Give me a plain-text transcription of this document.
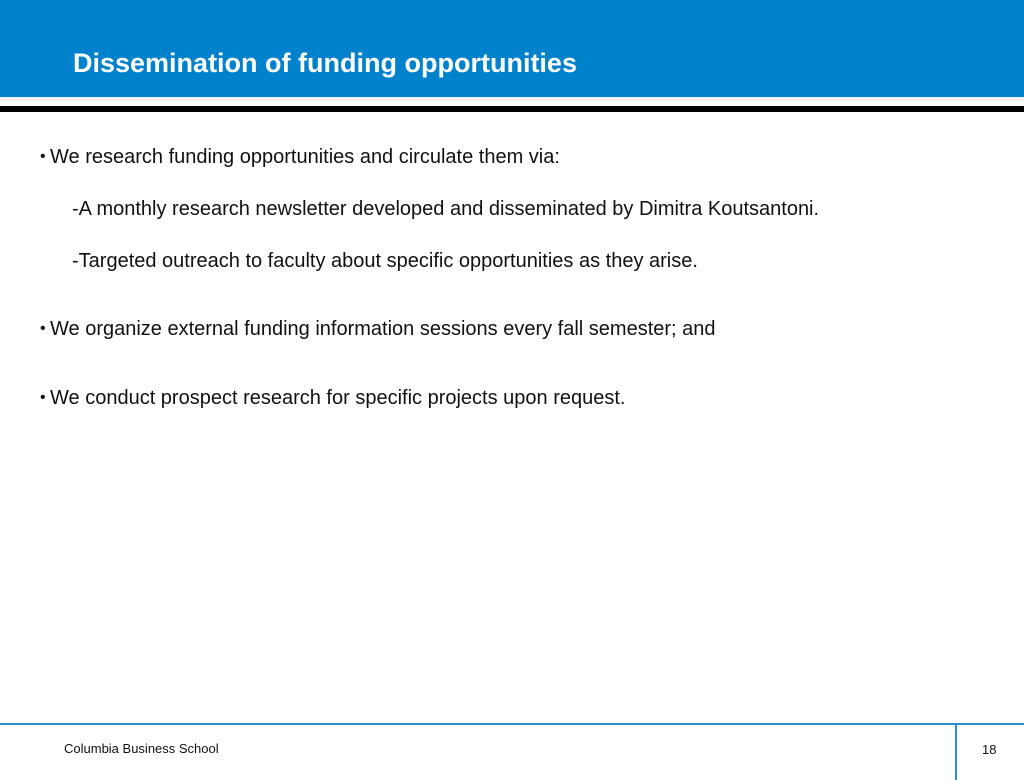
Dissemination of funding opportunities
• We research funding opportunities and circulate them via:
-A monthly research newsletter developed and disseminated by Dimitra Koutsantoni.
-Targeted outreach to faculty about specific opportunities as they arise.
• We organize external funding information sessions every fall semester; and
• We conduct prospect research for specific projects upon request.
Columbia Business School	18
